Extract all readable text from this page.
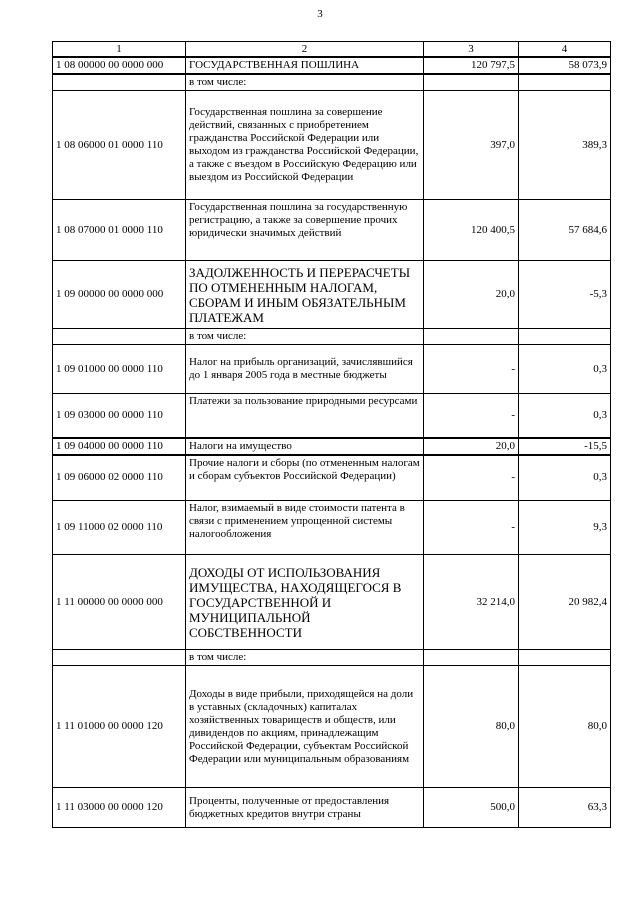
3
1	2	3	4
1 08 00000 00 0000 000	ГОСУДАРСТВЕННАЯ ПОШЛИНА	120 797,5	58 073,9
	в том числе:		
1 08 06000 01 0000 110	Государственная пошлина за совершение действий, связанных с приобретением гражданства Российской Федерации или выходом из гражданства Российской Федерации, а также с въездом в Российскую Федерацию или выездом из Российской Федерации	397,0	389,3
1 08 07000 01 0000 110	Государственная пошлина за государственную регистрацию, а также за совершение прочих юридически значимых действий	120 400,5	57 684,6
1 09 00000 00 0000 000	ЗАДОЛЖЕННОСТЬ И ПЕРЕРАСЧЕТЫ ПО ОТМЕНЕННЫМ НАЛОГАМ, СБОРАМ И ИНЫМ ОБЯЗАТЕЛЬНЫМ ПЛАТЕЖАМ	20,0	-5,3
	в том числе:		
1 09 01000 00 0000 110	Налог на прибыль организаций, зачислявшийся до 1 января 2005 года в местные бюджеты	-	0,3
1 09 03000 00 0000 110	Платежи за пользование природными ресурсами	-	0,3
1 09 04000 00 0000 110	Налоги на имущество	20,0	-15,5
1 09 06000 02 0000 110	Прочие налоги и сборы (по отмененным налогам и сборам субъектов Российской Федерации)	-	0,3
1 09 11000 02 0000 110	Налог, взимаемый в виде стоимости патента в связи с применением упрощенной системы налогообложения	-	9,3
1 11 00000 00 0000 000	ДОХОДЫ ОТ ИСПОЛЬЗОВАНИЯ ИМУЩЕСТВА, НАХОДЯЩЕГОСЯ В ГОСУДАРСТВЕННОЙ И МУНИЦИПАЛЬНОЙ СОБСТВЕННОСТИ	32 214,0	20 982,4
	в том числе:		
1 11 01000 00 0000 120	Доходы в виде прибыли, приходящейся на доли в уставных (складочных) капиталах хозяйственных товариществ и обществ, или дивидендов по акциям, принадлежащим Российской Федерации, субъектам Российской Федерации или муниципальным образованиям	80,0	80,0
1 11 03000 00 0000 120	Проценты, полученные от предоставления бюджетных кредитов внутри страны	500,0	63,3
